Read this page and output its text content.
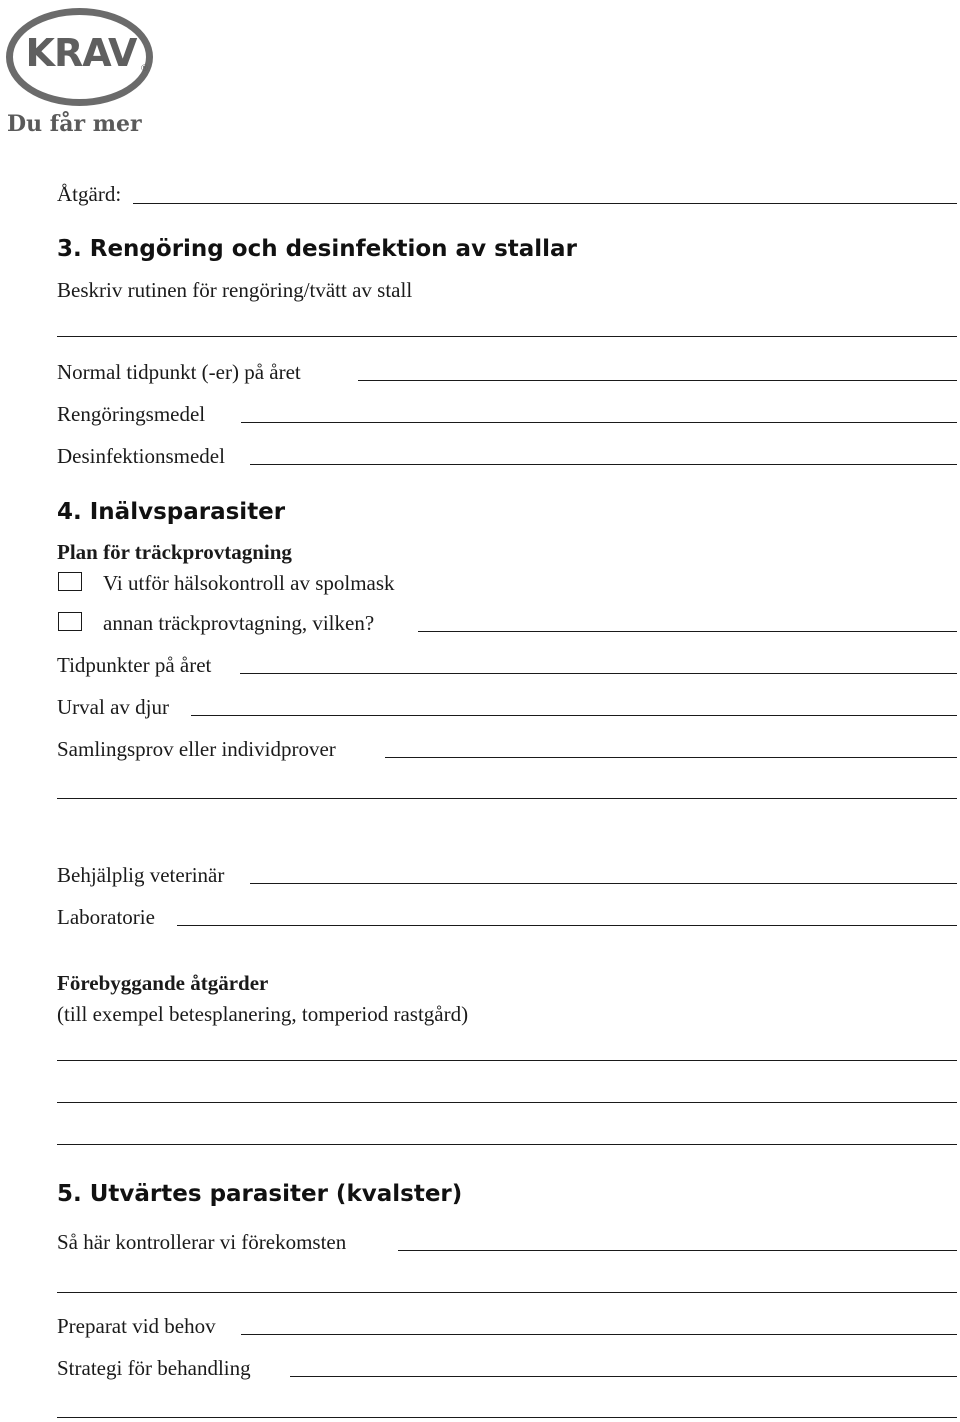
KRAV ®
Du får mer
Åtgärd:
3. Rengöring och desinfektion av stallar
Beskriv rutinen för rengöring/tvätt av stall
Normal tidpunkt (-er) på året
Rengöringsmedel
Desinfektionsmedel
4. Inälvsparasiter
Plan för träckprovtagning
Vi utför hälsokontroll av spolmask
annan träckprovtagning, vilken?
Tidpunkter på året
Urval av djur
Samlingsprov eller individprover
Behjälplig veterinär
Laboratorie
Förebyggande åtgärder
(till exempel betesplanering, tomperiod rastgård)
5. Utvärtes parasiter (kvalster)
Så här kontrollerar vi förekomsten
Preparat vid behov
Strategi för behandling
